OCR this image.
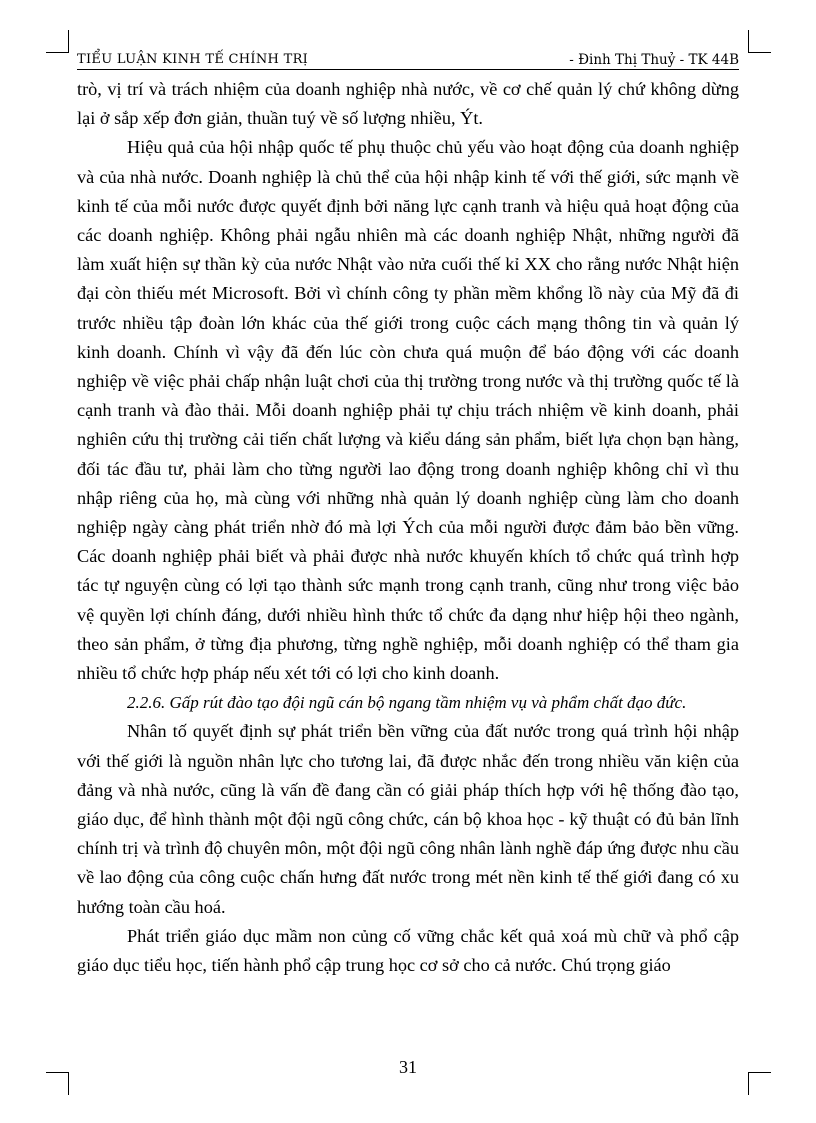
TIỂU LUẬN KINH TẾ CHÍNH TRỊ	- Đinh Thị Thuỷ - TK 44B

trò, vị trí và trách nhiệm của doanh nghiệp nhà nước, về cơ chế quản lý chứ không dừng lại ở sắp xếp đơn giản, thuần tuý về số lượng nhiều, Ýt.

Hiệu quả của hội nhập quốc tế phụ thuộc chủ yếu vào hoạt động của doanh nghiệp và của nhà nước. Doanh nghiệp là chủ thể của hội nhập kinh tế với thế giới, sức mạnh về kinh tế của mỗi nước được quyết định bởi năng lực cạnh tranh và hiệu quả hoạt động của các doanh nghiệp. Không phải ngẫu nhiên mà các doanh nghiệp Nhật, những người đã làm xuất hiện sự thần kỳ của nước Nhật vào nửa cuối thế kỉ XX cho rằng nước Nhật hiện đại còn thiếu mét Microsoft. Bởi vì chính công ty phần mềm khổng lồ này của Mỹ đã đi trước nhiều tập đoàn lớn khác của thế giới trong cuộc cách mạng thông tin và quản lý kinh doanh. Chính vì vậy đã đến lúc còn chưa quá muộn để báo động với các doanh nghiệp về việc phải chấp nhận luật chơi của thị trường trong nước và thị trường quốc tế là cạnh tranh và đào thải. Mỗi doanh nghiệp phải tự chịu trách nhiệm về kinh doanh, phải nghiên cứu thị trường cải tiến chất lượng và kiểu dáng sản phẩm, biết lựa chọn bạn hàng, đối tác đầu tư, phải làm cho từng người lao động trong doanh nghiệp không chỉ vì thu nhập riêng của họ, mà cùng với những nhà quản lý doanh nghiệp cùng làm cho doanh nghiệp ngày càng phát triển nhờ đó mà lợi Ých của mỗi người được đảm bảo bền vững. Các doanh nghiệp phải biết và phải được nhà nước khuyến khích tổ chức quá trình hợp tác tự nguyện cùng có lợi tạo thành sức mạnh trong cạnh tranh, cũng như trong việc bảo vệ quyền lợi chính đáng, dưới nhiều hình thức tổ chức đa dạng như hiệp hội theo ngành, theo sản phẩm, ở từng địa phương, từng nghề nghiệp, mỗi doanh nghiệp có thể tham gia nhiều tổ chức hợp pháp nếu xét tới có lợi cho kinh doanh.

2.2.6. Gấp rút đào tạo đội ngũ cán bộ ngang tầm nhiệm vụ và phẩm chất đạo đức.

Nhân tố quyết định sự phát triển bền vững của đất nước trong quá trình hội nhập với thế giới là nguồn nhân lực cho tương lai, đã được nhắc đến trong nhiều văn kiện của đảng và nhà nước, cũng là vấn đề đang cần có giải pháp thích hợp với hệ thống đào tạo, giáo dục, để hình thành một đội ngũ công chức, cán bộ khoa học - kỹ thuật có đủ bản lĩnh chính trị và trình độ chuyên môn, một đội ngũ công nhân lành nghề đáp ứng được nhu cầu về lao động của công cuộc chấn hưng đất nước trong mét nền kinh tế thế giới đang có xu hướng toàn cầu hoá.

Phát triển giáo dục mầm non củng cố vững chắc kết quả xoá mù chữ và phổ cập giáo dục tiểu học, tiến hành phổ cập trung học cơ sở cho cả nước. Chú trọng giáo

31
